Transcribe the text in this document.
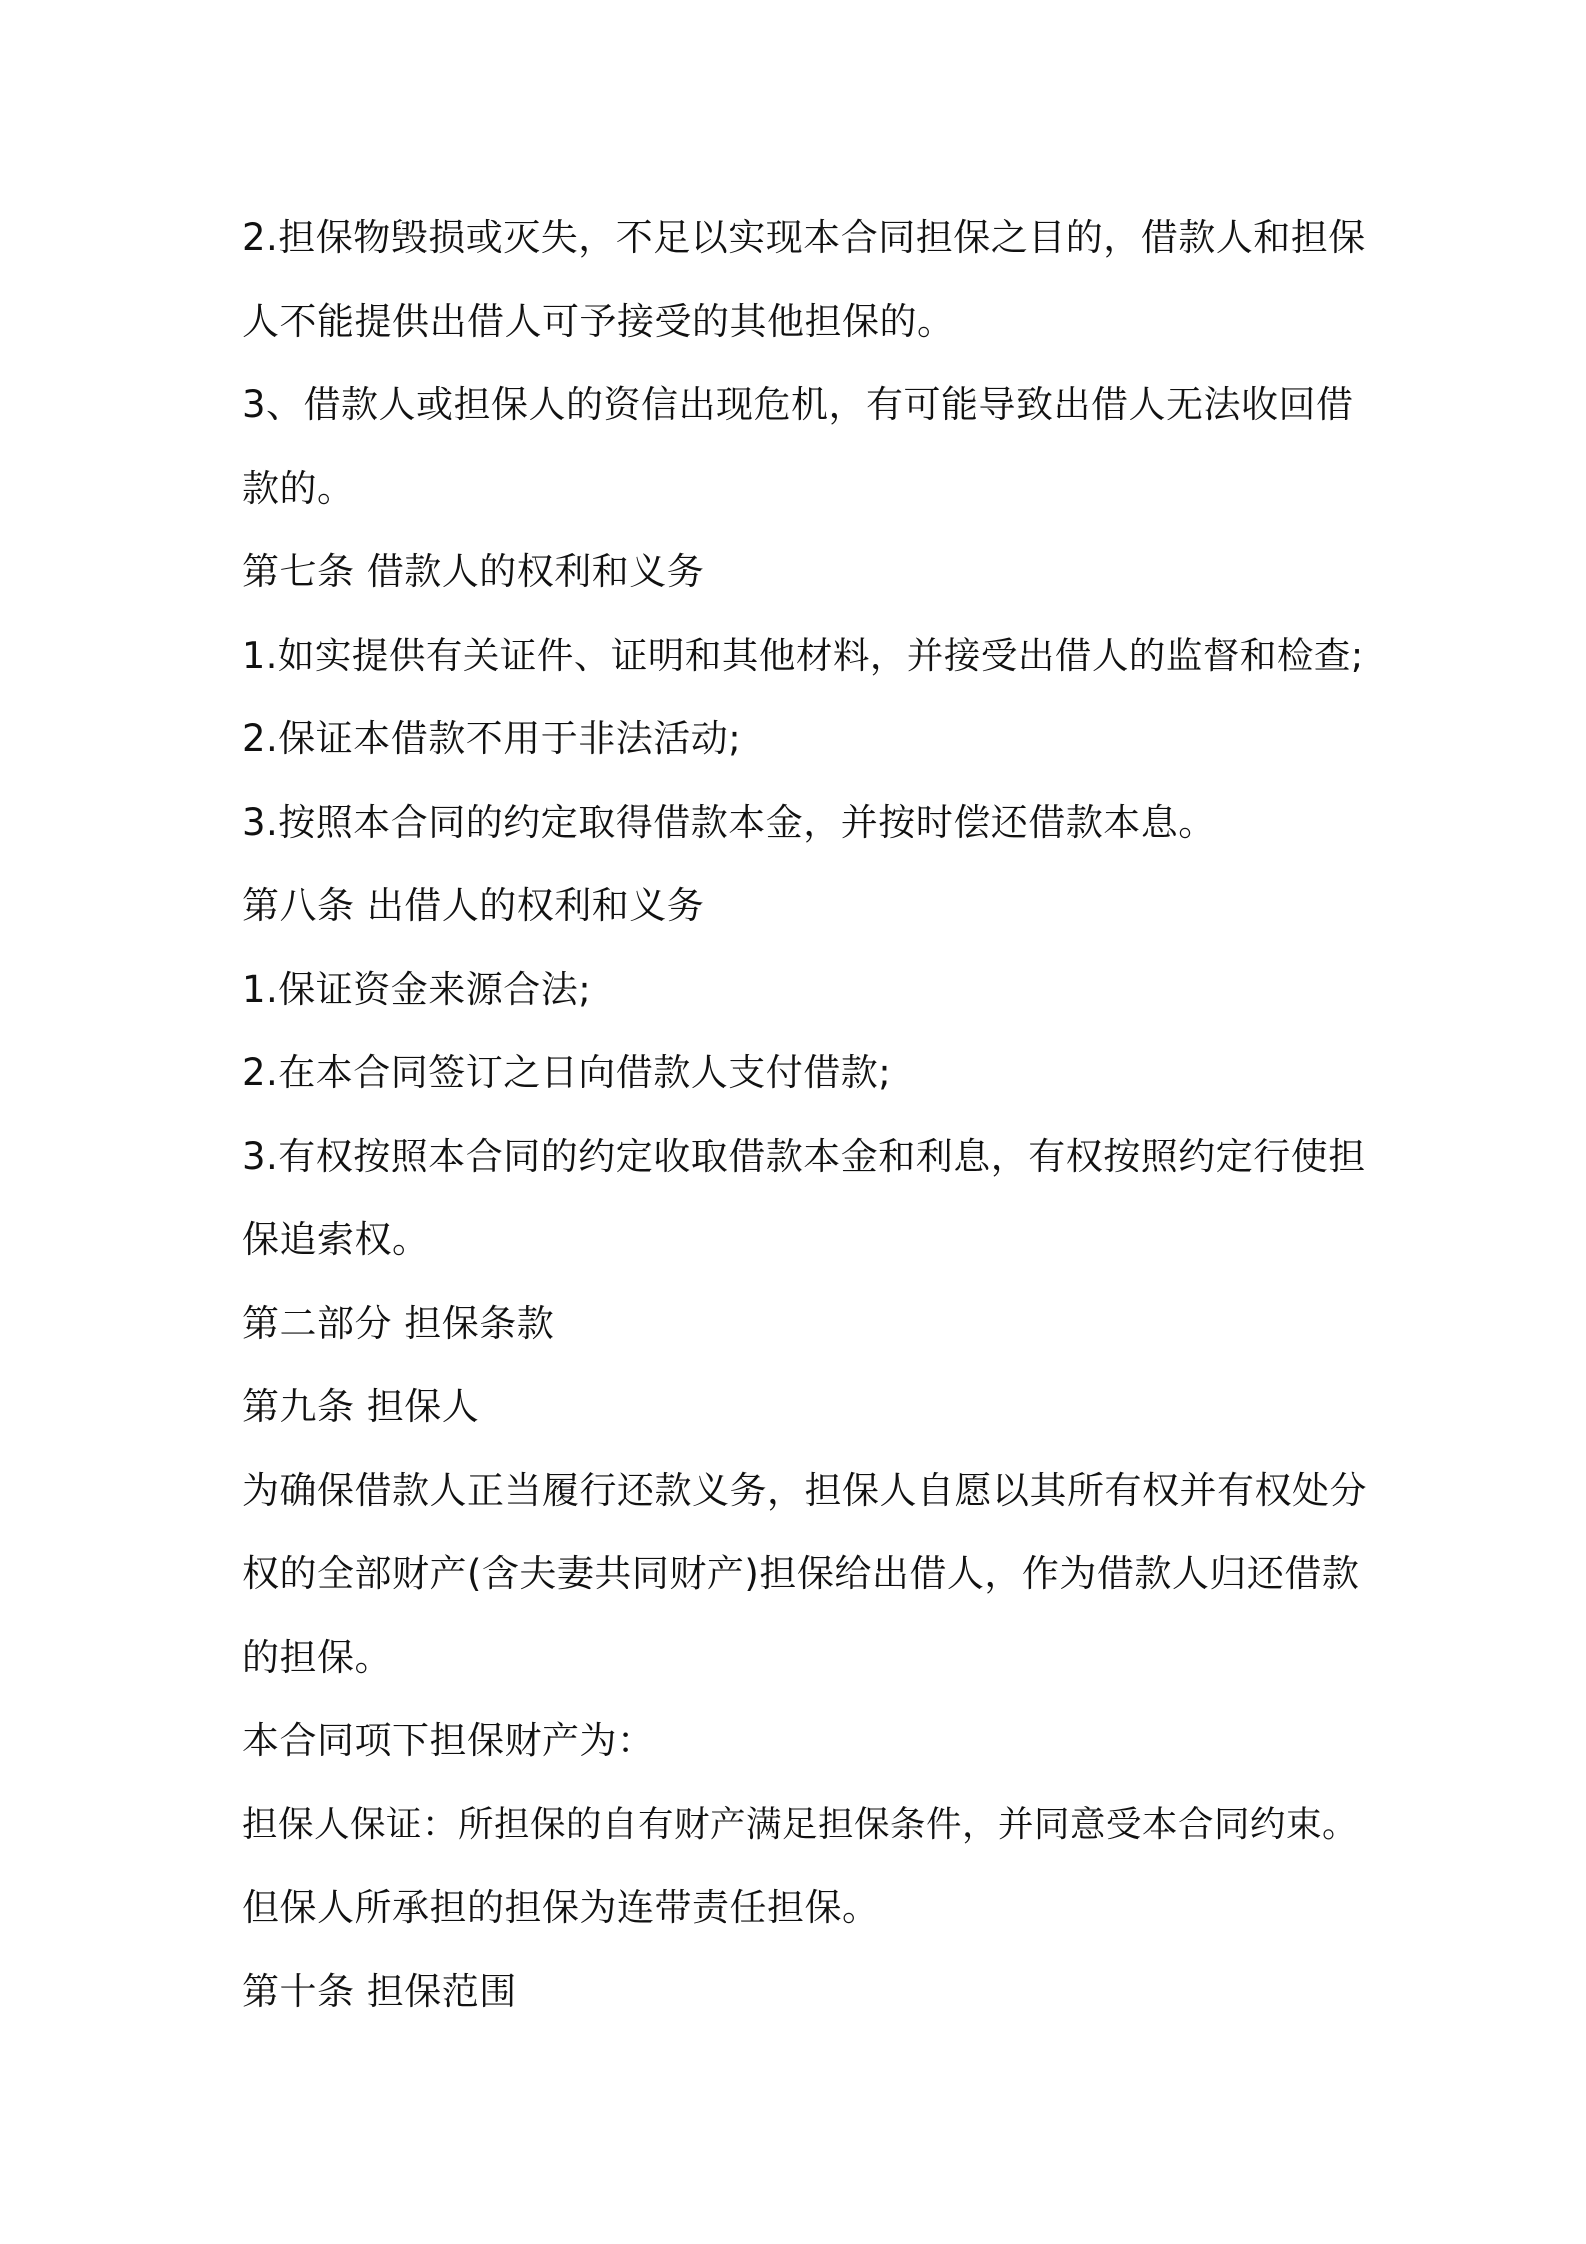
2.担保物毁损或灭失，不足以实现本合同担保之目的，借款人和担保

人不能提供出借人可予接受的其他担保的。

3、借款人或担保人的资信出现危机，有可能导致出借人无法收回借

款的。

第七条 借款人的权利和义务

1.如实提供有关证件、证明和其他材料，并接受出借人的监督和检查;

2.保证本借款不用于非法活动;

3.按照本合同的约定取得借款本金，并按时偿还借款本息。

第八条 出借人的权利和义务

1.保证资金来源合法;

2.在本合同签订之日向借款人支付借款;

3.有权按照本合同的约定收取借款本金和利息，有权按照约定行使担

保追索权。

第二部分 担保条款

第九条 担保人

为确保借款人正当履行还款义务，担保人自愿以其所有权并有权处分

权的全部财产(含夫妻共同财产)担保给出借人，作为借款人归还借款

的担保。

本合同项下担保财产为：

担保人保证：所担保的自有财产满足担保条件，并同意受本合同约束。

但保人所承担的担保为连带责任担保。

第十条 担保范围
